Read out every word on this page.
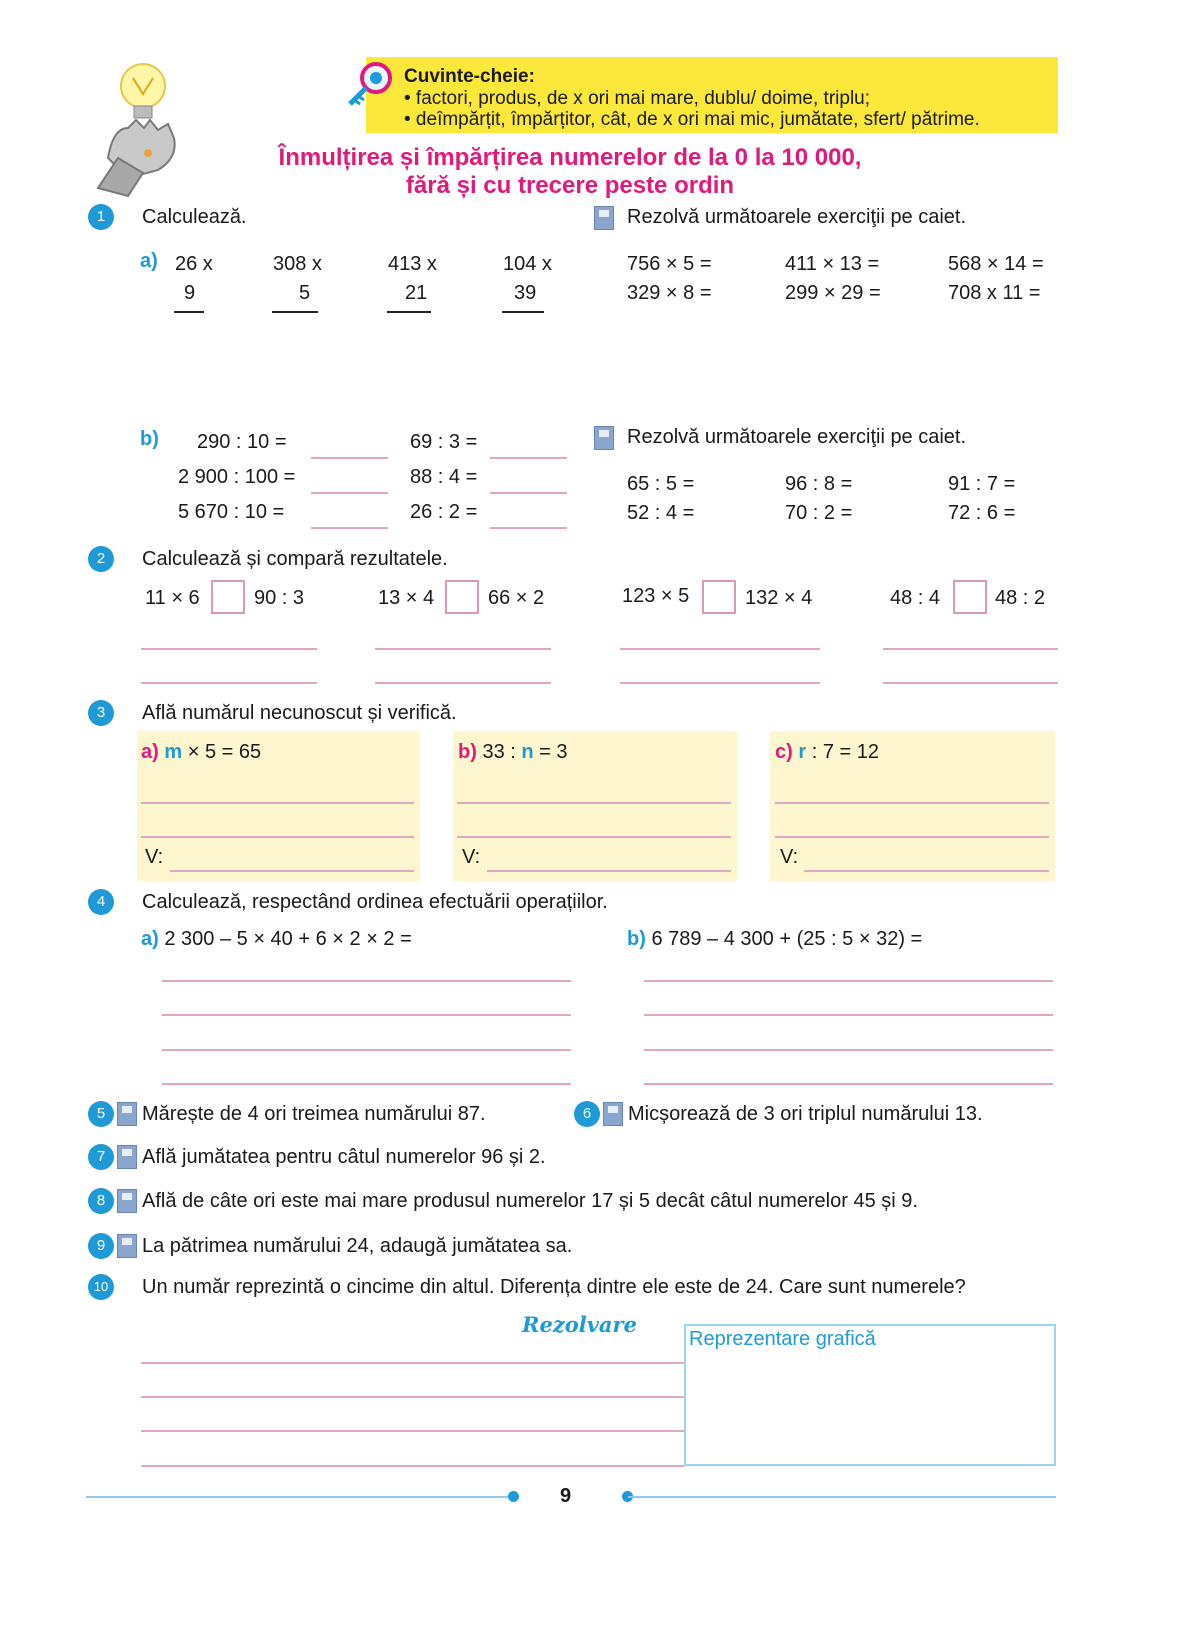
Cuvinte-cheie:
• factori, produs, de x ori mai mare, dublu/ doime, triplu;
• deîmpărțit, împărțitor, cât, de x ori mai mic, jumătate, sfert/ pătrime.
Înmulțirea și împărțirea numerelor de la 0 la 10 000,
fără și cu trecere peste ordin
1	Calculează.	Rezolvă următoarele exerciţii pe caiet.
a) 26 x
9
308 x
5
413 x
21
104 x
39
756 × 5 =	411 × 13 =	568 × 14 =
329 × 8 =	299 × 29 =	708 x 11 =
b) 290 : 10 =	69 : 3 =
2 900 : 100 =	88 : 4 =
5 670 : 10 =	26 : 2 =
Rezolvă următoarele exerciţii pe caiet.
65 : 5 =	96 : 8 =	91 : 7 =
52 : 4 =	70 : 2 =	72 : 6 =
2	Calculează și compară rezultatele.
11 × 6	90 : 3	13 × 4	66 × 2	123 × 5	132 × 4	48 : 4	48 : 2
3	Află numărul necunoscut și verifică.
a) m × 5 = 65
V:
b) 33 : n = 3
V:
c) r : 7 = 12
V:
4	Calculează, respectând ordinea efectuării operațiilor.
a) 2 300 – 5 × 40 + 6 × 2 × 2 =	b) 6 789 – 4 300 + (25 : 5 × 32) =
5	Mărește de 4 ori treimea numărului 87.	6	Micșorează de 3 ori triplul numărului 13.
7	Află jumătatea pentru câtul numerelor 96 și 2.
8	Află de câte ori este mai mare produsul numerelor 17 și 5 decât câtul numerelor 45 și 9.
9	La pătrimea numărului 24, adaugă jumătatea sa.
10 Un număr reprezintă o cincime din altul. Diferența dintre ele este de 24. Care sunt numerele?
Rezolvare
Reprezentare grafică
9
